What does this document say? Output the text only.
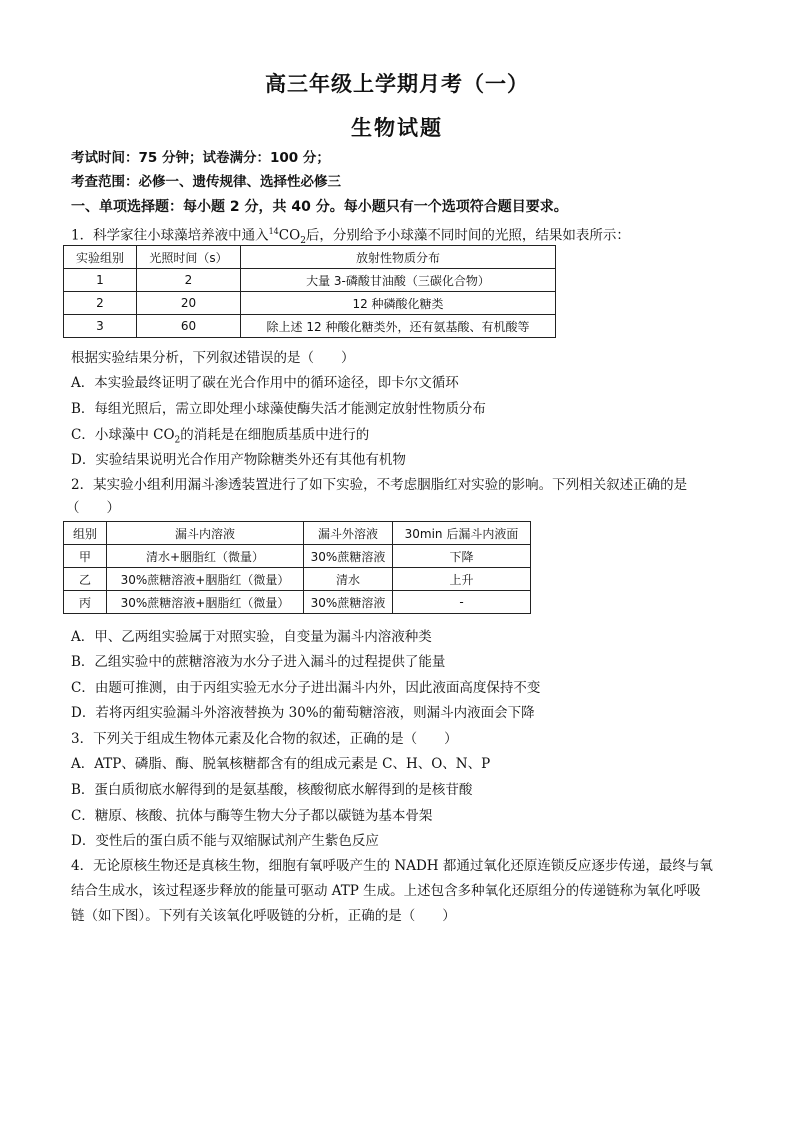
高三年级上学期月考（一）
生物试题
考试时间：75 分钟；试卷满分：100 分；
考查范围：必修一、遗传规律、选择性必修三
一、单项选择题：每小题 2 分，共 40 分。每小题只有一个选项符合题目要求。
1．科学家往小球藻培养液中通入$^{14}CO_2$后，分别给予小球藻不同时间的光照，结果如表所示：
实验组别	光照时间（s）	放射性物质分布
1	2	大量 3-磷酸甘油酸（三碳化合物）
2	20	12 种磷酸化糖类
3	60	除上述 12 种酸化糖类外，还有氨基酸、有机酸等
根据实验结果分析，下列叙述错误的是（　　）
A．本实验最终证明了碳在光合作用中的循环途径，即卡尔文循环
B．每组光照后，需立即处理小球藻使酶失活才能测定放射性物质分布
C．小球藻中 $CO_2$的消耗是在细胞质基质中进行的
D．实验结果说明光合作用产物除糖类外还有其他有机物
2．某实验小组利用漏斗渗透装置进行了如下实验，不考虑胭脂红对实验的影响。下列相关叙述正确的是
（　　）
组别	漏斗内溶液	漏斗外溶液	30min 后漏斗内液面
甲	清水+胭脂红（微量）	30%蔗糖溶液	下降
乙	30%蔗糖溶液+胭脂红（微量）	清水	上升
丙	30%蔗糖溶液+胭脂红（微量）	30%蔗糖溶液	-
A．甲、乙两组实验属于对照实验，自变量为漏斗内溶液种类
B．乙组实验中的蔗糖溶液为水分子进入漏斗的过程提供了能量
C．由题可推测，由于丙组实验无水分子进出漏斗内外，因此液面高度保持不变
D．若将丙组实验漏斗外溶液替换为 30%的葡萄糖溶液，则漏斗内液面会下降
3．下列关于组成生物体元素及化合物的叙述，正确的是（　　）
A．ATP、磷脂、酶、脱氧核糖都含有的组成元素是 C、H、O、N、P
B．蛋白质彻底水解得到的是氨基酸，核酸彻底水解得到的是核苷酸
C．糖原、核酸、抗体与酶等生物大分子都以碳链为基本骨架
D．变性后的蛋白质不能与双缩脲试剂产生紫色反应
4．无论原核生物还是真核生物，细胞有氧呼吸产生的 NADH 都通过氧化还原连锁反应逐步传递，最终与氧
结合生成水，该过程逐步释放的能量可驱动 ATP 生成。上述包含多种氧化还原组分的传递链称为氧化呼吸
链（如下图）。下列有关该氧化呼吸链的分析，正确的是（　　）
